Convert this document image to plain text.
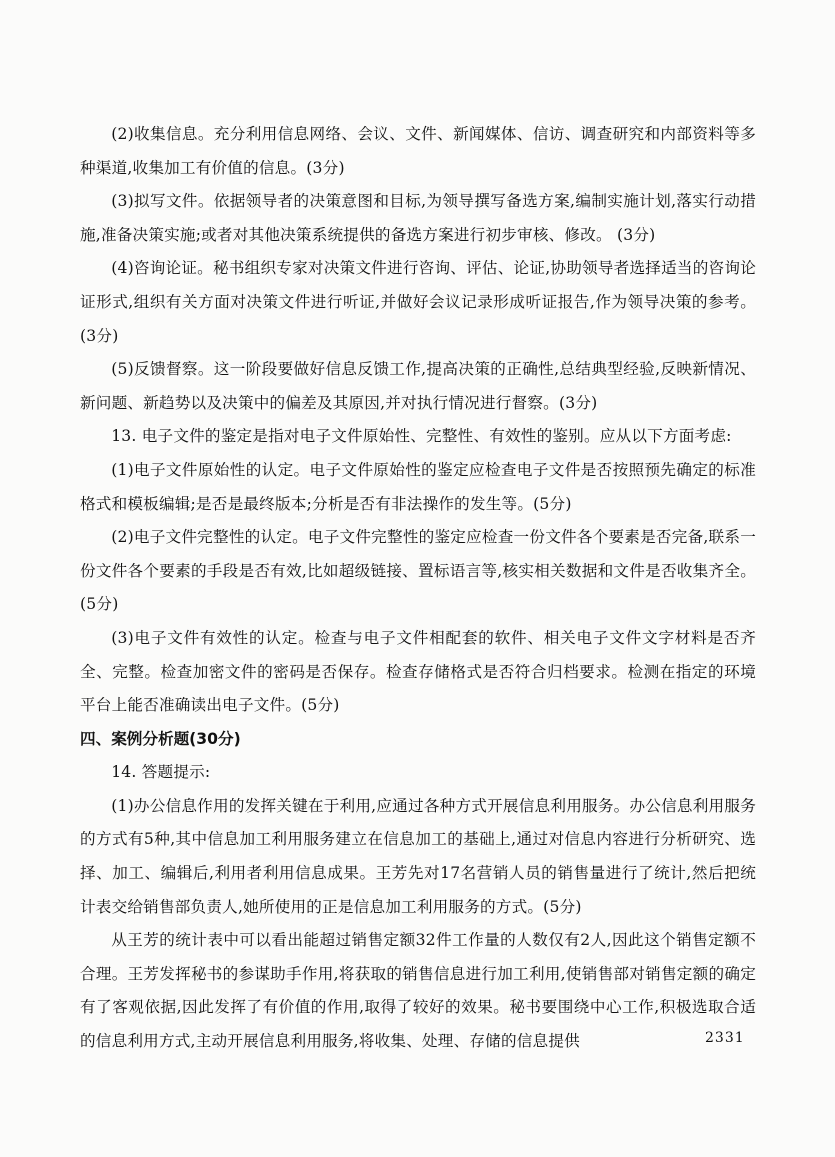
(2)收集信息。充分利用信息网络、会议、文件、新闻媒体、信访、调查研究和内部资料等多种渠道,收集加工有价值的信息。(3分)

(3)拟写文件。依据领导者的决策意图和目标,为领导撰写备选方案,编制实施计划,落实行动措施,准备决策实施;或者对其他决策系统提供的备选方案进行初步审核、修改。 (3分)

(4)咨询论证。秘书组织专家对决策文件进行咨询、评估、论证,协助领导者选择适当的咨询论证形式,组织有关方面对决策文件进行听证,并做好会议记录形成听证报告,作为领导决策的参考。(3分)

(5)反馈督察。这一阶段要做好信息反馈工作,提高决策的正确性,总结典型经验,反映新情况、新问题、新趋势以及决策中的偏差及其原因,并对执行情况进行督察。(3分)

13. 电子文件的鉴定是指对电子文件原始性、完整性、有效性的鉴别。应从以下方面考虑:

(1)电子文件原始性的认定。电子文件原始性的鉴定应检查电子文件是否按照预先确定的标准格式和模板编辑;是否是最终版本;分析是否有非法操作的发生等。(5分)

(2)电子文件完整性的认定。电子文件完整性的鉴定应检查一份文件各个要素是否完备,联系一份文件各个要素的手段是否有效,比如超级链接、置标语言等,核实相关数据和文件是否收集齐全。(5分)

(3)电子文件有效性的认定。检查与电子文件相配套的软件、相关电子文件文字材料是否齐全、完整。检查加密文件的密码是否保存。检查存储格式是否符合归档要求。检测在指定的环境平台上能否准确读出电子文件。(5分)

四、案例分析题(30分)

14. 答题提示:

(1)办公信息作用的发挥关键在于利用,应通过各种方式开展信息利用服务。办公信息利用服务的方式有5种,其中信息加工利用服务建立在信息加工的基础上,通过对信息内容进行分析研究、选择、加工、编辑后,利用者利用信息成果。王芳先对17名营销人员的销售量进行了统计,然后把统计表交给销售部负责人,她所使用的正是信息加工利用服务的方式。(5分)

从王芳的统计表中可以看出能超过销售定额32件工作量的人数仅有2人,因此这个销售定额不合理。王芳发挥秘书的参谋助手作用,将获取的销售信息进行加工利用,使销售部对销售定额的确定有了客观依据,因此发挥了有价值的作用,取得了较好的效果。秘书要围绕中心工作,积极选取合适的信息利用方式,主动开展信息利用服务,将收集、处理、存储的信息提供	2331
